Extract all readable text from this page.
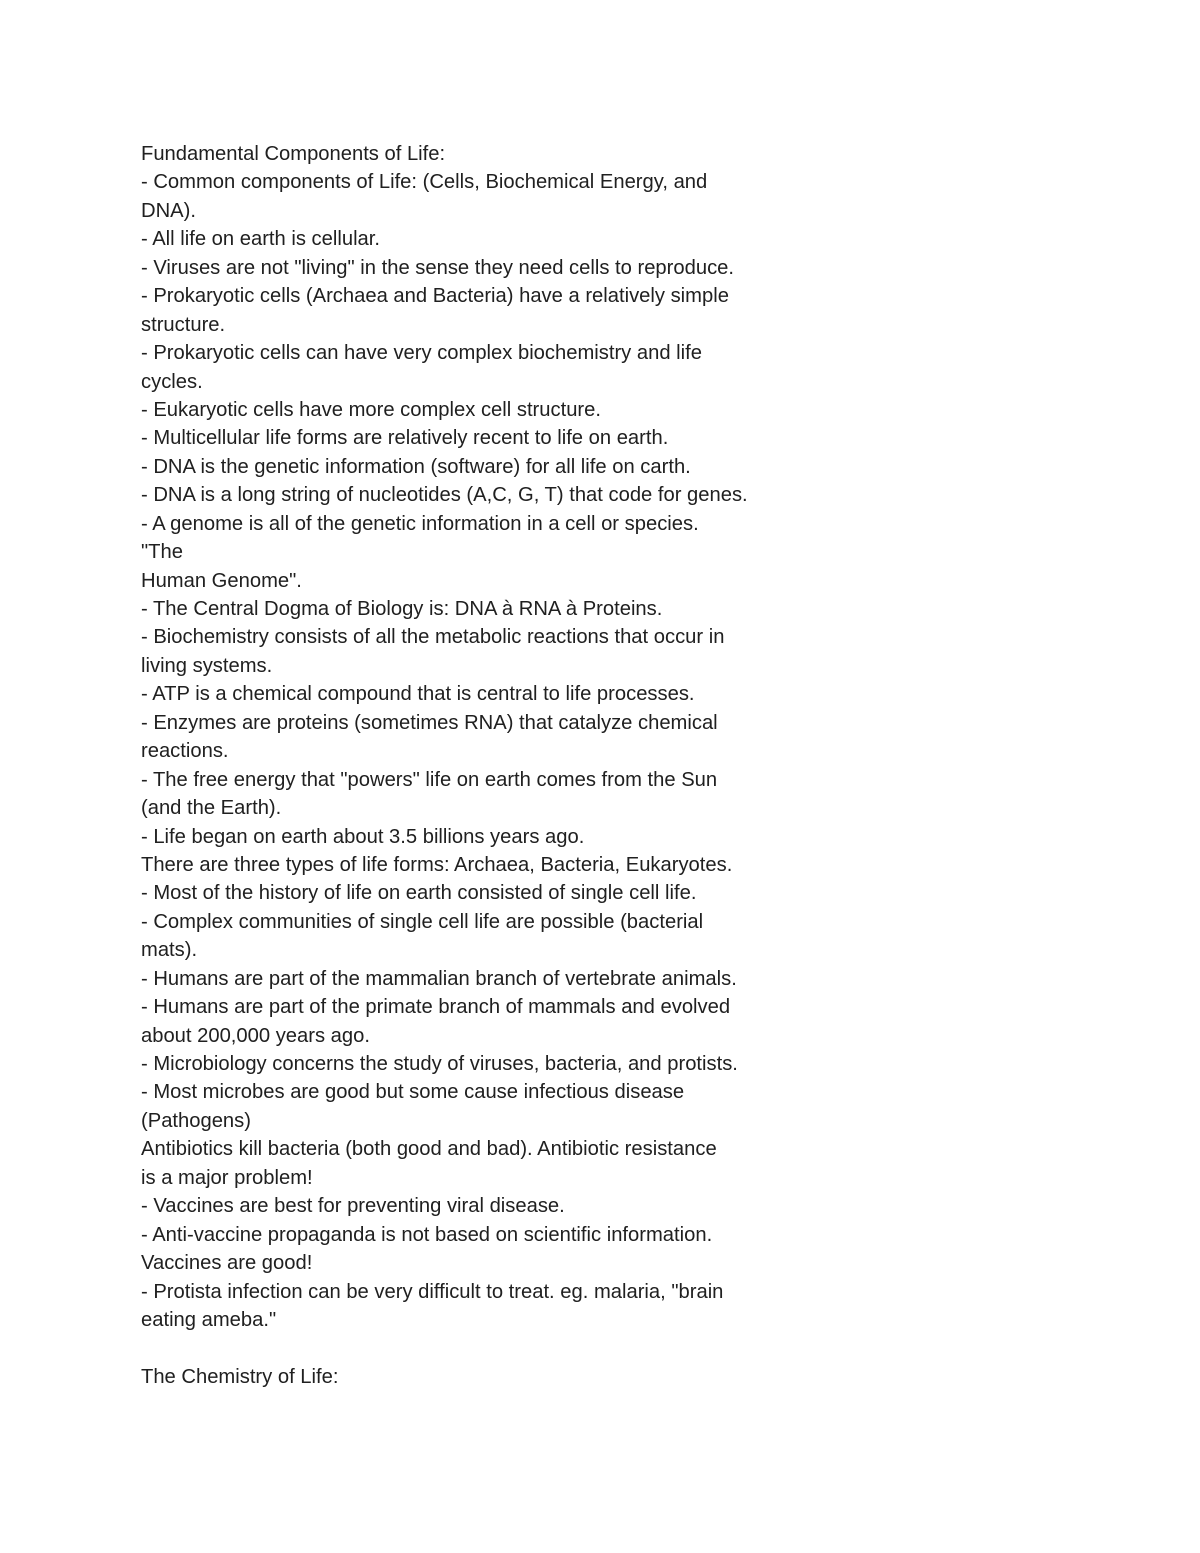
Fundamental Components of Life:
- Common components of Life: (Cells, Biochemical Energy, and
DNA).
- All life on earth is cellular.
- Viruses are not "living" in the sense they need cells to reproduce.
- Prokaryotic cells (Archaea and Bacteria) have a relatively simple
structure.
- Prokaryotic cells can have very complex biochemistry and life
cycles.
- Eukaryotic cells have more complex cell structure.
- Multicellular life forms are relatively recent to life on earth.
- DNA is the genetic information (software) for all life on carth.
- DNA is a long string of nucleotides (A,C, G, T) that code for genes.
- A genome is all of the genetic information in a cell or species.
"The
Human Genome".
- The Central Dogma of Biology is: DNA à RNA à Proteins.
- Biochemistry consists of all the metabolic reactions that occur in
living systems.
- ATP is a chemical compound that is central to life processes.
- Enzymes are proteins (sometimes RNA) that catalyze chemical
reactions.
- The free energy that "powers" life on earth comes from the Sun
(and the Earth).
- Life began on earth about 3.5 billions years ago.
There are three types of life forms: Archaea, Bacteria, Eukaryotes.
- Most of the history of life on earth consisted of single cell life.
- Complex communities of single cell life are possible (bacterial
mats).
- Humans are part of the mammalian branch of vertebrate animals.
- Humans are part of the primate branch of mammals and evolved
about 200,000 years ago.
- Microbiology concerns the study of viruses, bacteria, and protists.
- Most microbes are good but some cause infectious disease
(Pathogens)
Antibiotics kill bacteria (both good and bad). Antibiotic resistance
is a major problem!
- Vaccines are best for preventing viral disease.
- Anti-vaccine propaganda is not based on scientific information.
Vaccines are good!
- Protista infection can be very difficult to treat. eg. malaria, "brain
eating ameba."
The Chemistry of Life:
